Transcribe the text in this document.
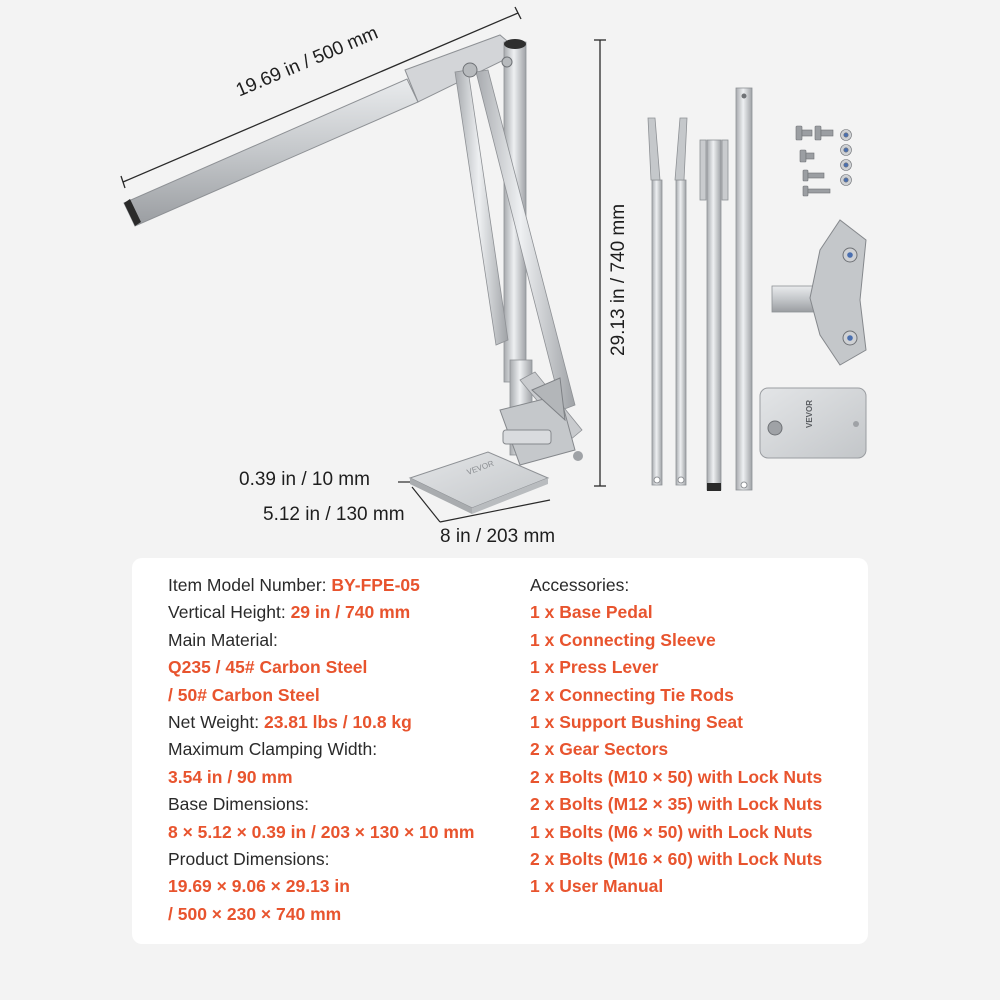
VEVOR
VEVOR
19.69 in / 500 mm
29.13 in / 740 mm
0.39 in / 10 mm
5.12 in / 130 mm
8 in / 203 mm
Item Model Number: BY-FPE-05
Vertical Height: 29 in / 740 mm
Main Material:
Q235 / 45# Carbon Steel
/ 50# Carbon Steel
Net Weight: 23.81 lbs / 10.8 kg
Maximum Clamping Width:
3.54 in / 90 mm
Base Dimensions:
8 × 5.12 × 0.39 in / 203 × 130 × 10 mm
Product Dimensions:
19.69 × 9.06 × 29.13 in
/ 500 × 230 × 740 mm
Accessories:
1 x Base Pedal
1 x Connecting Sleeve
1 x Press Lever
2 x Connecting Tie Rods
1 x Support Bushing Seat
2 x Gear Sectors
2 x Bolts (M10 × 50) with Lock Nuts
2 x Bolts (M12 × 35) with Lock Nuts
1 x Bolts (M6 × 50) with Lock Nuts
2 x Bolts (M16 × 60) with Lock Nuts
1 x User Manual
